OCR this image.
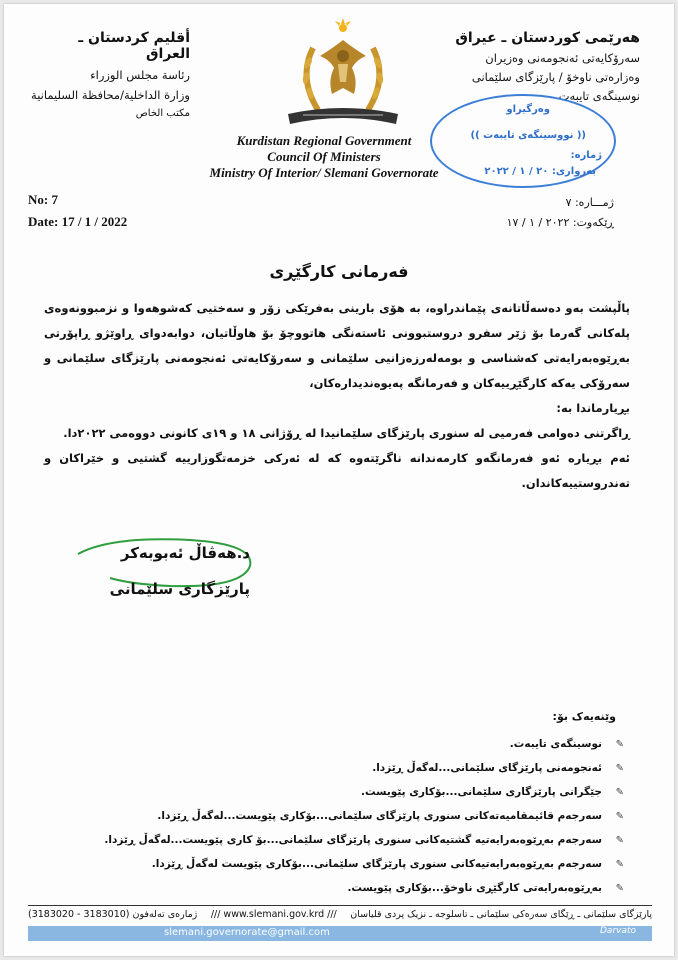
هەرێمی کوردستان ـ عیراق
سەرۆکایەتی ئەنجومەنی وەزیران
وەزارەتی ناوخۆ / پارێزگای سلێمانی
نوسینگەی تایبەت
أقليم كردستان ـ العراق
رئاسة مجلس الوزراء
وزارة الداخلية/محافظة السليمانية
مكتب الخاص
Kurdistan Regional Government
Council Of Ministers
Ministry Of Interior/ Slemani Governorate
وەرگیراو
(( نووسینگەی تایبەت ))
ژمارە:
بەرواری: ٢٠ / ١ / ٢٠٢٢
No: 7
Date: 17 / 1 / 2022
ژمـــاره: ٧
ڕێکەوت: ٢٠٢٢ / ١ / ١٧
فەرمانی کارگێڕی

پاڵپشت بەو دەسەڵاتانەی پێماندراوە، بە هۆی بارینی بەفرێکی زۆر و سەختیی کەشوهەوا و نزمبوونەوەی پلەکانی گەرما بۆ ژێر سفرو دروستبوونی ئاستەنگی هاتووچۆ بۆ هاوڵاتیان، دوابەدوای ڕاوێژو ڕاپۆرتی بەڕێوەبەرایەتی کەشناسی و بومەلەرزەزانیی سلێمانی و سەرۆکایەتی ئەنجومەنی پارێزگای سلێمانی و سەرۆکی یەکە کارگێڕییەکان و فەرمانگە پەیوەندیدارەکان،

بڕیارماندا بە:

ڕاگرتنی دەوامی فەرمیی لە سنوری پارێزگای سلێمانیدا لە ڕۆژانی ١٨ و ١٩ی کانونی دووەمی ٢٠٢٢دا.

ئەم بڕیارە ئەو فەرمانگەو کارمەندانە ناگرێتەوە کە لە ئەرکی خزمەتگوزارییە گشتیی و خێراکان و تەندروستییەکاندان.

د.هەڤاڵ ئەبوبەکر
پارێزگاری سلێمانی
وێنەیەک بۆ:
✎نوسینگەی تایبەت.
✎ئەنجومەنی پارێزگای سلێمانی...لەگەڵ ڕێزدا.
✎جێگرانی پارێزگاری سلێمانی...بۆکاری پێویست.
✎سەرجەم قائیمقامیەتەکانی سنوری پارێزگای سلێمانی...بۆکاری پێویست...لەگەڵ ڕێزدا.
✎سەرجەم بەڕێوەبەرایەتیە گشتیەکانی سنوری پارێزگای سلێمانی...بۆ کاری پێویست...لەگەڵ ڕێزدا.
✎سەرجەم بەڕێوەبەرایەتیەکانی سنوری پارێزگای سلێمانی...بۆکاری پێویست لەگەڵ ڕێزدا.
✎بەڕێوەبەرایەتی کارگێڕی ناوخۆ...بۆکاری پێویست.
(3183020 - 3183010) ژمارەی تەلەفون /// www.slemani.gov.krd /// پارێزگای سلێمانی ـ ڕێگای سەرەکی سلێمانی ـ تاسلوجە ـ نزیک پردی قلیاسان
slemani.governorate@gmail.com	Darvato
